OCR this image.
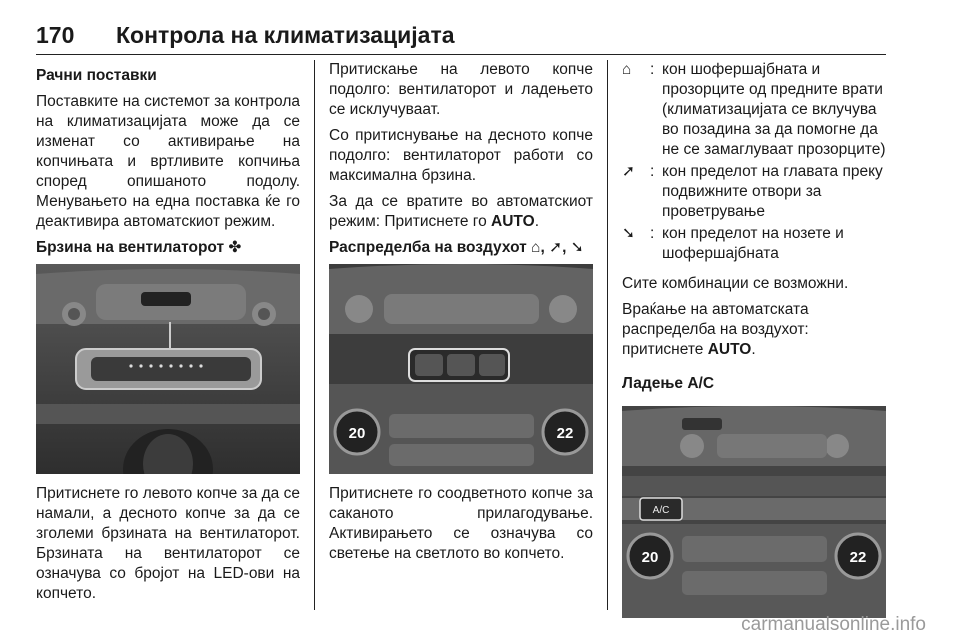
170 Контрола на климатизацијата
Рачни поставки

Поставките на системот за контрола на климатизацијата може да се изменат со активирање на копчињата и вртливите копчиња според опишаното подолу. Менувањето на една поставка ќе го деактивира автоматскиот режим.

Брзина на вентилаторот ✤

Притиснете го левото копче за да се намали, а десното копче за да се зголеми брзината на вентилаторот. Брзината на вентилаторот се означува со бројот на LED-ови на копчето.

Притискање на левото копче подолго: вентилаторот и ладењето се исклучуваат.

Со притиснување на десното копче подолго: вентилаторот работи со максимална брзина.

За да се вратите во автоматскиот режим: Притиснете го AUTO.

Распределба на воздухот ⌂, ➚, ➘
20	22

Притиснете го соодветното копче за саканото прилагодување. Активирањето се означува со светење на светлото во копчето.

⌂	: кон шофершајбната и прозорците од предните врати (климатизацијата се вклучува во позадина за да помогне да не се замаглуваат прозорците)
➚ : кон пределот на главата преку подвижните отвори за проветрување
➘ : кон пределот на нозете и шофершајбната

Сите комбинации се возможни.

Враќање на автоматската распределба на воздухот: притиснете AUTO.

Ладење A/C
A/C
20	22
carmanualsonline.info
